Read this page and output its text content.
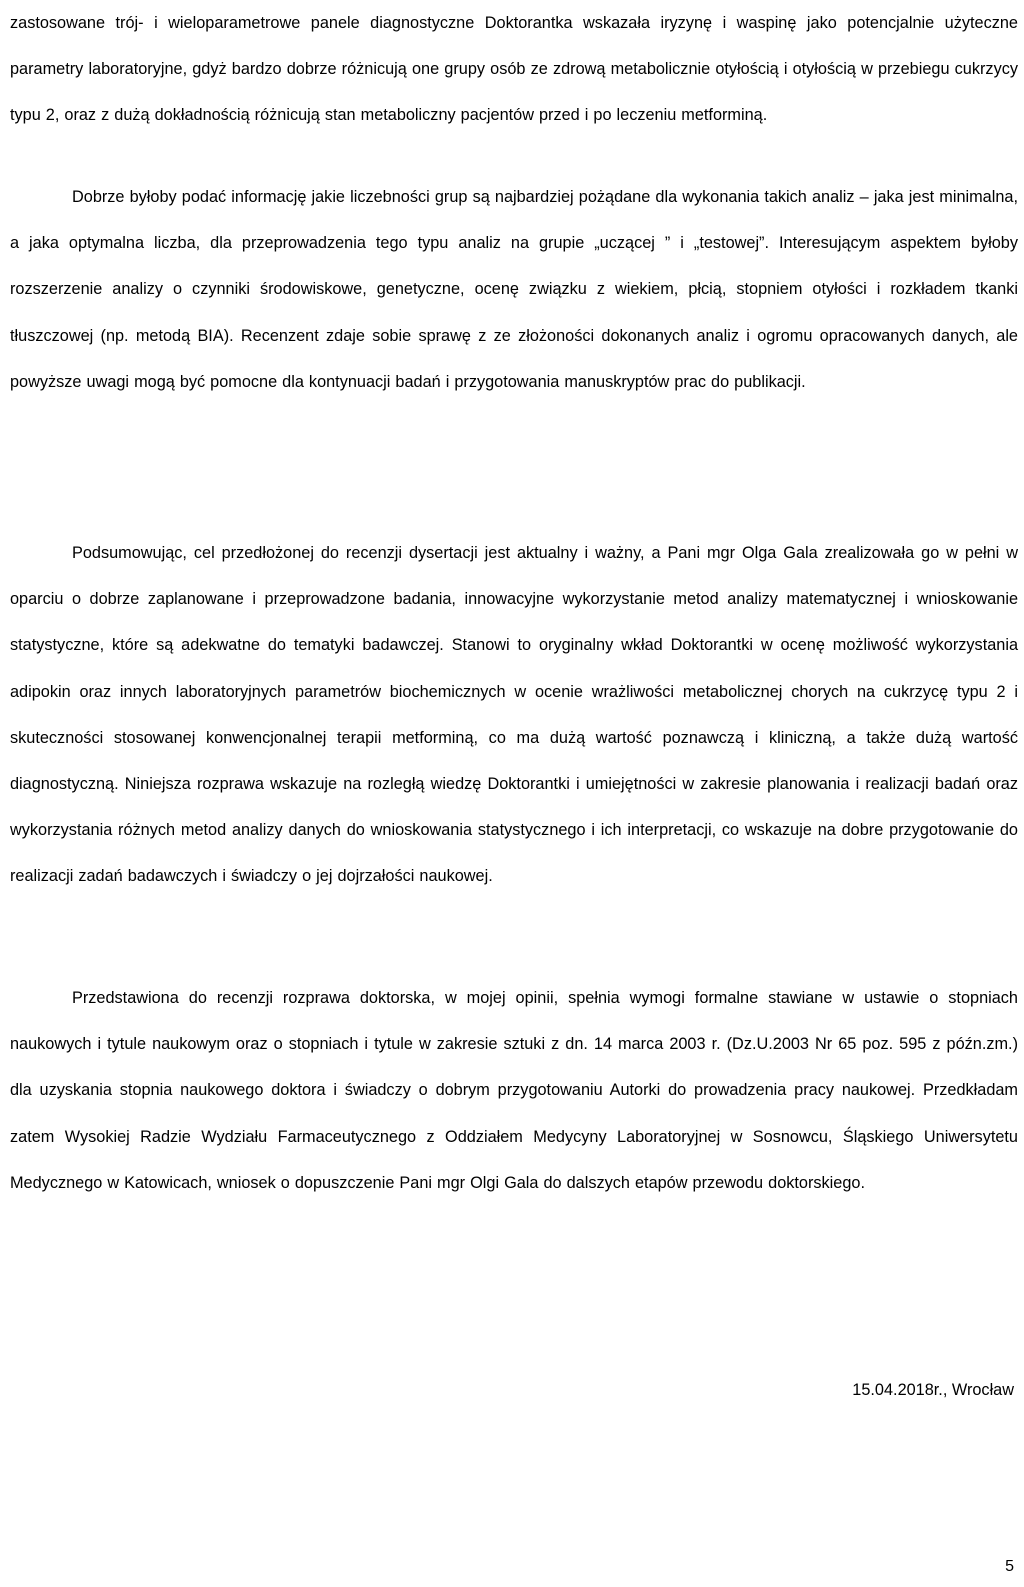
zastosowane trój- i wieloparametrowe panele diagnostyczne Doktorantka wskazała iryzynę i waspinę jako potencjalnie użyteczne parametry laboratoryjne, gdyż bardzo dobrze różnicują one grupy osób ze zdrową metabolicznie otyłością i otyłością w przebiegu cukrzycy typu 2, oraz z dużą dokładnością różnicują stan metaboliczny pacjentów przed i po leczeniu metforminą.

Dobrze byłoby podać informację jakie liczebności grup są najbardziej pożądane dla wykonania takich analiz – jaka jest minimalna, a jaka optymalna liczba, dla przeprowadzenia tego typu analiz na grupie „uczącej ” i „testowej”. Interesującym aspektem byłoby rozszerzenie analizy o czynniki środowiskowe, genetyczne, ocenę związku z wiekiem, płcią, stopniem otyłości i rozkładem tkanki tłuszczowej (np. metodą BIA). Recenzent zdaje sobie sprawę z ze złożoności dokonanych analiz i ogromu opracowanych danych, ale powyższe uwagi mogą być pomocne dla kontynuacji badań i przygotowania manuskryptów prac do publikacji.

Podsumowując, cel przedłożonej do recenzji dysertacji jest aktualny i ważny, a Pani mgr Olga Gala zrealizowała go w pełni w oparciu o dobrze zaplanowane i przeprowadzone badania, innowacyjne wykorzystanie metod analizy matematycznej i wnioskowanie statystyczne, które są adekwatne do tematyki badawczej. Stanowi to oryginalny wkład Doktorantki w ocenę możliwość wykorzystania adipokin oraz innych laboratoryjnych parametrów biochemicznych w ocenie wrażliwości metabolicznej chorych na cukrzycę typu 2 i skuteczności stosowanej konwencjonalnej terapii metforminą, co ma dużą wartość poznawczą i kliniczną, a także dużą wartość diagnostyczną. Niniejsza rozprawa wskazuje na rozległą wiedzę Doktorantki i umiejętności w zakresie planowania i realizacji badań oraz wykorzystania różnych metod analizy danych do wnioskowania statystycznego i ich interpretacji, co wskazuje na dobre przygotowanie do realizacji zadań badawczych i świadczy o jej dojrzałości naukowej.

Przedstawiona do recenzji rozprawa doktorska, w mojej opinii, spełnia wymogi formalne stawiane w ustawie o stopniach naukowych i tytule naukowym oraz o stopniach i tytule w zakresie sztuki z dn. 14 marca 2003 r. (Dz.U.2003 Nr 65 poz. 595 z późn.zm.) dla uzyskania stopnia naukowego doktora i świadczy o dobrym przygotowaniu Autorki do prowadzenia pracy naukowej. Przedkładam zatem Wysokiej Radzie Wydziału Farmaceutycznego z Oddziałem Medycyny Laboratoryjnej w Sosnowcu, Śląskiego Uniwersytetu Medycznego w Katowicach, wniosek o dopuszczenie Pani mgr Olgi Gala do dalszych etapów przewodu doktorskiego.

15.04.2018r., Wrocław
5
